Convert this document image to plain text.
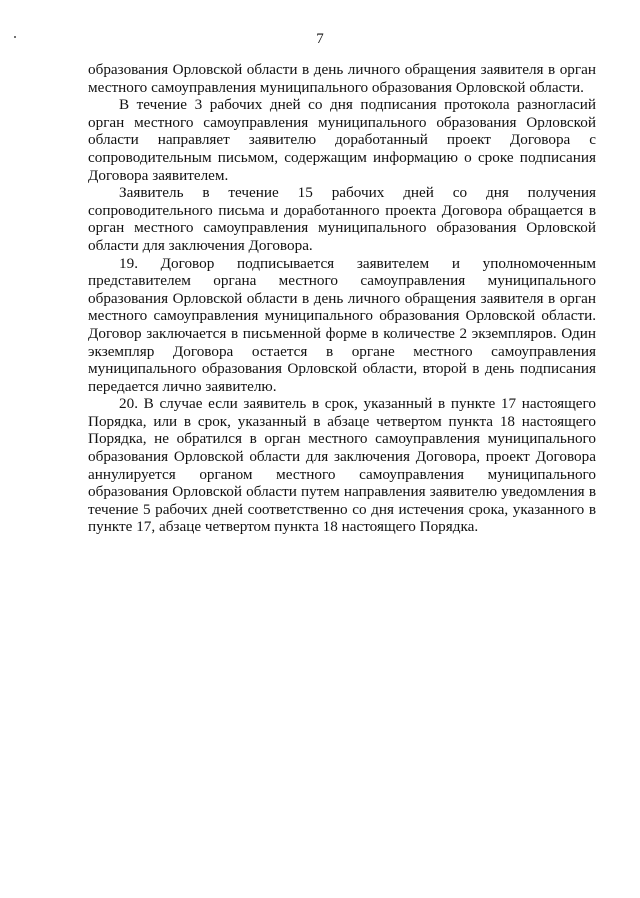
7

образования Орловской области в день личного обращения заявителя в орган местного самоуправления муниципального образования Орловской области.

В течение 3 рабочих дней со дня подписания протокола разногласий орган местного самоуправления муниципального образования Орловской области направляет заявителю доработанный проект Договора с сопроводительным письмом, содержащим информацию о сроке подписания Договора заявителем.

Заявитель в течение 15 рабочих дней со дня получения сопроводительного письма и доработанного проекта Договора обращается в орган местного самоуправления муниципального образования Орловской области для заключения Договора.

19. Договор подписывается заявителем и уполномоченным представителем органа местного самоуправления муниципального образования Орловской области в день личного обращения заявителя в орган местного самоуправления муниципального образования Орловской области. Договор заключается в письменной форме в количестве 2 экземпляров. Один экземпляр Договора остается в органе местного самоуправления муниципального образования Орловской области, второй в день подписания передается лично заявителю.

20. В случае если заявитель в срок, указанный в пункте 17 настоящего Порядка, или в срок, указанный в абзаце четвертом пункта 18 настоящего Порядка, не обратился в орган местного самоуправления муниципального образования Орловской области для заключения Договора, проект Договора аннулируется органом местного самоуправления муниципального образования Орловской области путем направления заявителю уведомления в течение 5 рабочих дней соответственно со дня истечения срока, указанного в пункте 17, абзаце четвертом пункта 18 настоящего Порядка.
